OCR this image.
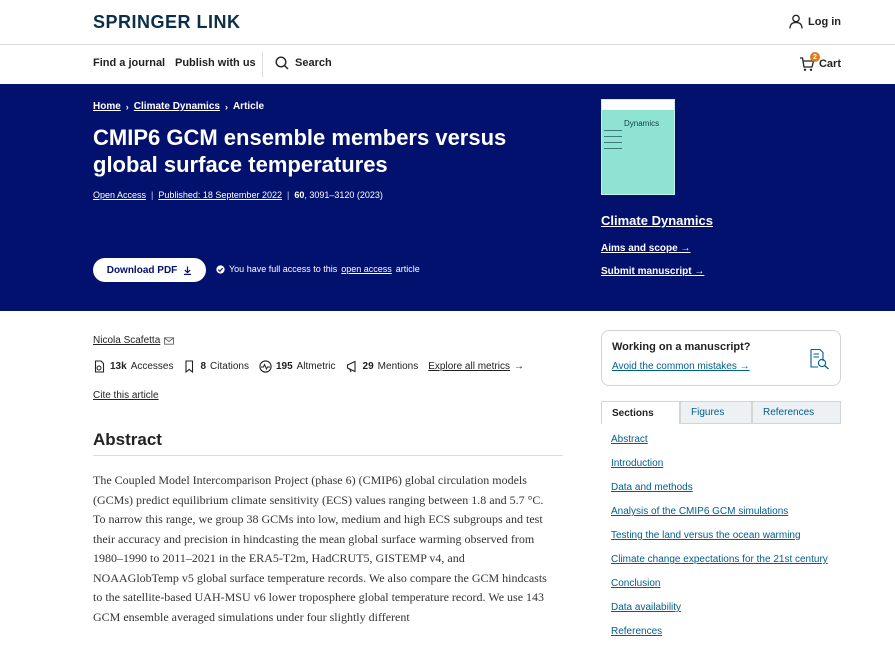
SPRINGER LINK	Log in
Find a journal Publish with us	Search	2
Cart
Home › Climate Dynamics › Article
CMIP6 GCM ensemble members versus global surface temperatures
Open Access | Published: 18 September 2022 | 60, 3091–3120 (2023)
Download PDF	You have full access to this open access article
Dynamics
Climate Dynamics
Aims and scope →
Submit manuscript →
Nicola Scafetta
13k Accesses	8 Citations	195 Altmetric	29 Mentions Explore all metrics →
Cite this article
Abstract

The Coupled Model Intercomparison Project (phase 6) (CMIP6) global circulation models (GCMs) predict equilibrium climate sensitivity (ECS) values ranging between 1.8 and 5.7 °C. To narrow this range, we group 38 GCMs into low, medium and high ECS subgroups and test their accuracy and precision in hindcasting the mean global surface warming observed from 1980–1990 to 2011–2021 in the ERA5-T2m, HadCRUT5, GISTEMP v4, and NOAAGlobTemp v5 global surface temperature records. We also compare the GCM hindcasts to the satellite-based UAH-MSU v6 lower troposphere global temperature record. We use 143 GCM ensemble averaged simulations under four slightly different

Working on a manuscript?
Avoid the common mistakes →
Sections	Figures	References
Abstract
Introduction
Data and methods
Analysis of the CMIP6 GCM simulations
Testing the land versus the ocean warming
Climate change expectations for the 21st century
Conclusion
Data availability
References
